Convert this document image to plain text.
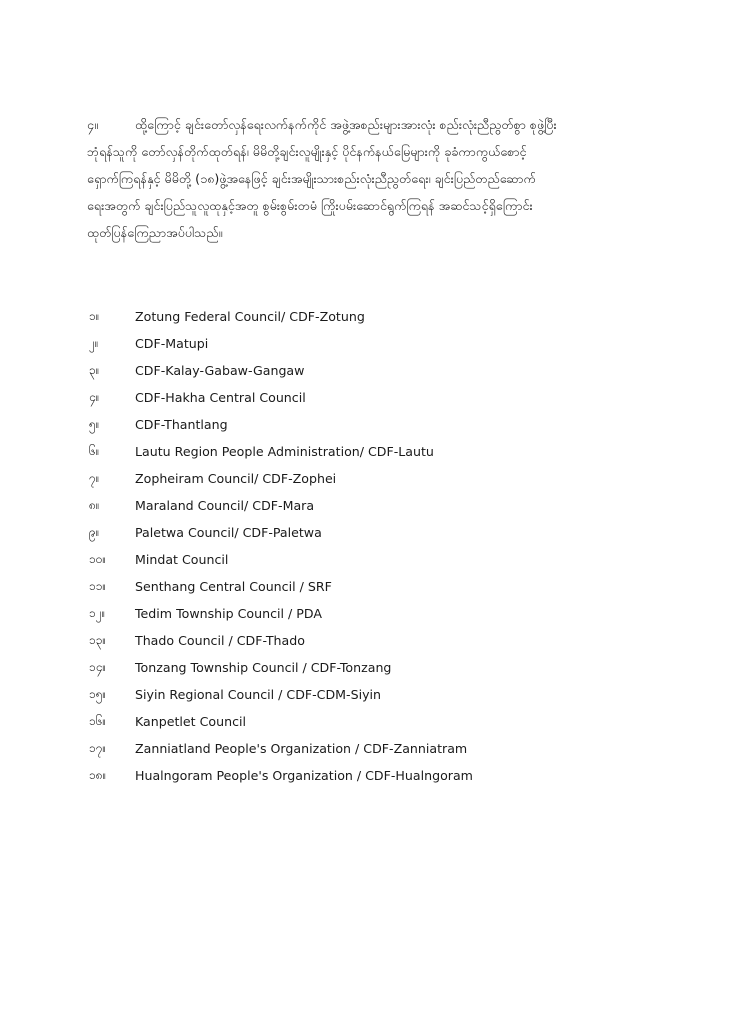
၄။	ထို့ကြောင့် ချင်းတော်လှန်ရေးလက်နက်ကိုင် အဖွဲ့အစည်းများအားလုံး စည်းလုံးညီညွတ်စွာ စုဖွဲ့ပြီး
ဘုံရန်သူကို တော်လှန်တိုက်ထုတ်ရန်၊ မိမိတို့ချင်းလူမျိုးနှင့် ပိုင်နက်နယ်မြေများကို ခုခံကာကွယ်စောင့်
ရှောက်ကြရန်နှင့် မိမိတို့ (၁၈)ဖွဲ့အနေဖြင့် ချင်းအမျိုးသားစည်းလုံးညီညွတ်ရေး၊ ချင်းပြည်တည်ဆောက်
ရေးအတွက် ချင်းပြည်သူလူထုနှင့်အတူ စွမ်းစွမ်းတမံ ကြိုးပမ်းဆောင်ရွက်ကြရန် အဆင်သင့်ရှိကြောင်း
ထုတ်ပြန်ကြေညာအပ်ပါသည်။
၁။	Zotung Federal Council/ CDF-Zotung
၂။	CDF-Matupi
၃။	CDF-Kalay-Gabaw-Gangaw
၄။	CDF-Hakha Central Council
၅။	CDF-Thantlang
၆။	Lautu Region People Administration/ CDF-Lautu
၇။	Zopheiram Council/ CDF-Zophei
၈။	Maraland Council/ CDF-Mara
၉။	Paletwa Council/ CDF-Paletwa
၁၀။	Mindat Council
၁၁။	Senthang Central Council / SRF
၁၂။	Tedim Township Council / PDA
၁၃။	Thado Council / CDF-Thado
၁၄။	Tonzang Township Council / CDF-Tonzang
၁၅။	Siyin Regional Council / CDF-CDM-Siyin
၁၆။	Kanpetlet Council
၁၇။	Zanniatland People's Organization / CDF-Zanniatram
၁၈။	Hualngoram People's Organization / CDF-Hualngoram
